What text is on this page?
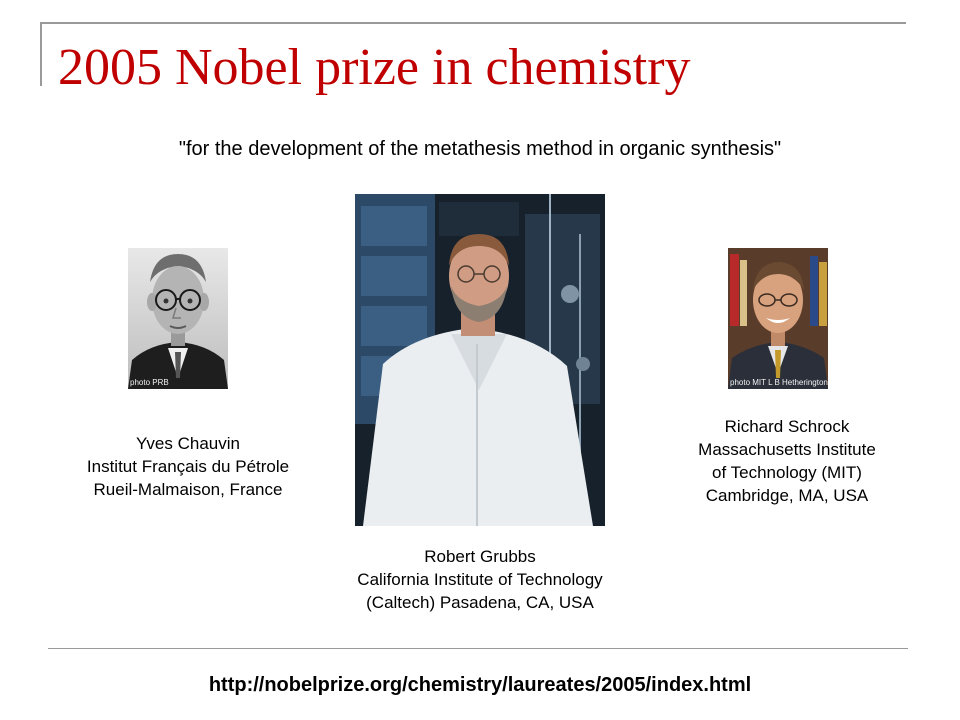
2005 Nobel prize in chemistry
"for the development of the metathesis method in organic synthesis"
photo PRB	photo MIT L B Hetherington
Yves Chauvin
Institut Français du Pétrole
Rueil-Malmaison, France
Robert Grubbs
California Institute of Technology
(Caltech) Pasadena, CA, USA
Richard Schrock
Massachusetts Institute
of Technology (MIT)
Cambridge, MA, USA
http://nobelprize.org/chemistry/laureates/2005/index.html
